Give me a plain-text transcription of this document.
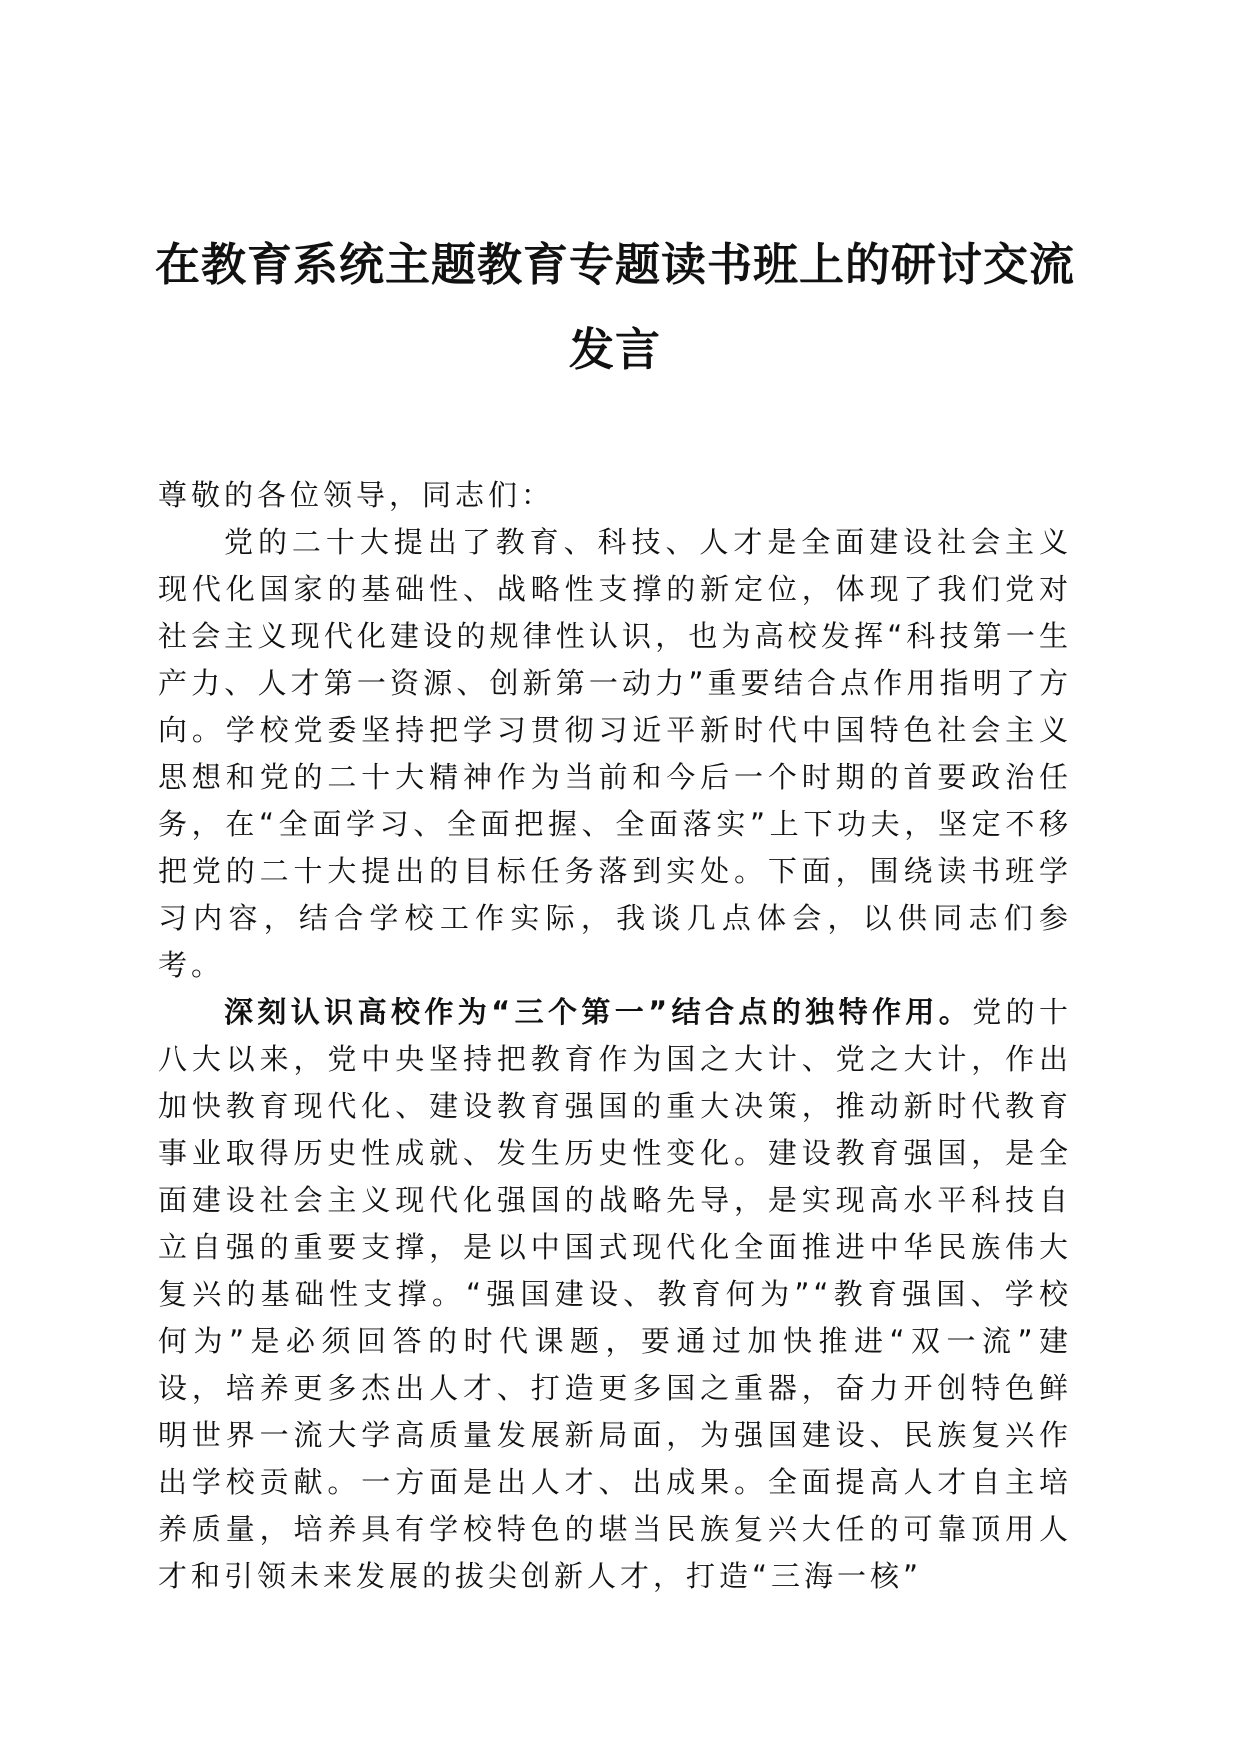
在教育系统主题教育专题读书班上的研讨交流发言

尊敬的各位领导，同志们：

党的二十大提出了教育、科技、人才是全面建设社会主义现代化国家的基础性、战略性支撑的新定位，体现了我们党对社会主义现代化建设的规律性认识，也为高校发挥“科技第一生产力、人才第一资源、创新第一动力”重要结合点作用指明了方向。学校党委坚持把学习贯彻习近平新时代中国特色社会主义思想和党的二十大精神作为当前和今后一个时期的首要政治任务，在“全面学习、全面把握、全面落实”上下功夫，坚定不移把党的二十大提出的目标任务落到实处。下面，围绕读书班学习内容，结合学校工作实际，我谈几点体会，以供同志们参考。

深刻认识高校作为“三个第一”结合点的独特作用。党的十八大以来，党中央坚持把教育作为国之大计、党之大计，作出加快教育现代化、建设教育强国的重大决策，推动新时代教育事业取得历史性成就、发生历史性变化。建设教育强国，是全面建设社会主义现代化强国的战略先导，是实现高水平科技自立自强的重要支撑，是以中国式现代化全面推进中华民族伟大复兴的基础性支撑。“强国建设、教育何为”“教育强国、学校何为”是必须回答的时代课题，要通过加快推进“双一流”建设，培养更多杰出人才、打造更多国之重器，奋力开创特色鲜明世界一流大学高质量发展新局面，为强国建设、民族复兴作出学校贡献。一方面是出人才、出成果。全面提高人才自主培养质量，培养具有学校特色的堪当民族复兴大任的可靠顶用人才和引领未来发展的拔尖创新人才，打造“三海一核”
